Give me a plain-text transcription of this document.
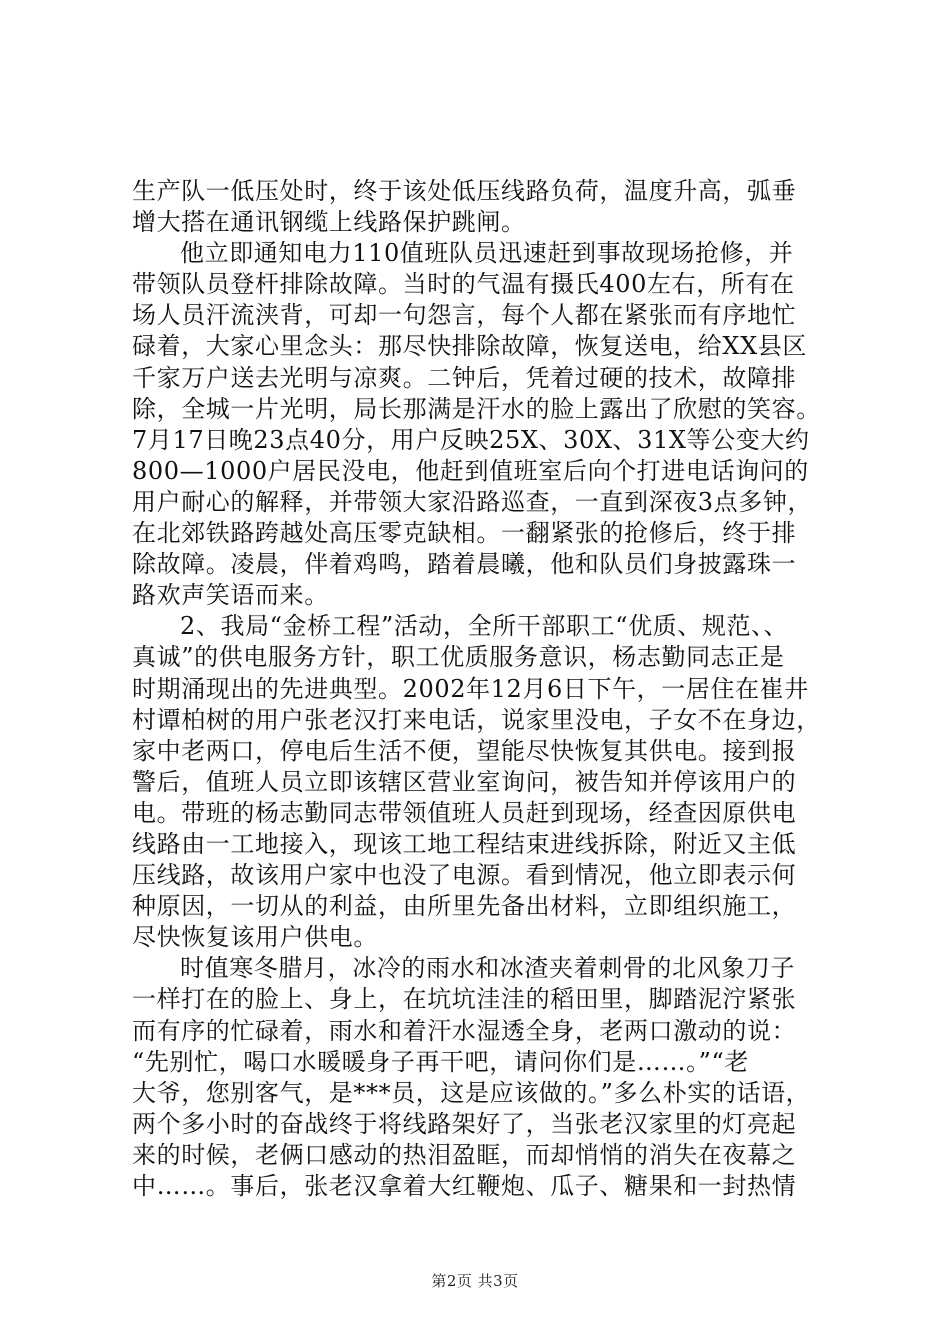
生产队一低压处时，终于该处低压线路负荷，温度升高，弧垂
增大搭在通讯钢缆上线路保护跳闸。
他立即通知电力110值班队员迅速赶到事故现场抢修，并
带领队员登杆排除故障。当时的气温有摄氏400左右，所有在
场人员汗流浃背，可却一句怨言，每个人都在紧张而有序地忙
碌着，大家心里念头：那尽快排除故障，恢复送电，给XX县区
千家万户送去光明与凉爽。二钟后，凭着过硬的技术，故障排
除，全城一片光明，局长那满是汗水的脸上露出了欣慰的笑容。
7月17日晚23点40分，用户反映25X、30X、31X等公变大约
800—1000户居民没电，他赶到值班室后向个打进电话询问的
用户耐心的解释，并带领大家沿路巡查，一直到深夜3点多钟，
在北郊铁路跨越处高压零克缺相。一翻紧张的抢修后，终于排
除故障。凌晨，伴着鸡鸣，踏着晨曦，他和队员们身披露珠一
路欢声笑语而来。
2、我局“金桥工程”活动，全所干部职工“优质、规范、、
真诚”的供电服务方针，职工优质服务意识，杨志勤同志正是
时期涌现出的先进典型。2002年12月6日下午，一居住在崔井
村谭柏树的用户张老汉打来电话，说家里没电，子女不在身边，
家中老两口，停电后生活不便，望能尽快恢复其供电。接到报
警后，值班人员立即该辖区营业室询问，被告知并停该用户的
电。带班的杨志勤同志带领值班人员赶到现场，经查因原供电
线路由一工地接入，现该工地工程结束进线拆除，附近又主低
压线路，故该用户家中也没了电源。看到情况，他立即表示何
种原因，一切从的利益，由所里先备出材料，立即组织施工，
尽快恢复该用户供电。
时值寒冬腊月，冰冷的雨水和冰渣夹着刺骨的北风象刀子
一样打在的脸上、身上，在坑坑洼洼的稻田里，脚踏泥泞紧张
而有序的忙碌着，雨水和着汗水湿透全身，老两口激动的说：
“先别忙，喝口水暖暖身子再干吧，请问你们是……。”“老
大爷，您别客气，是***员，这是应该做的。”多么朴实的话语，
两个多小时的奋战终于将线路架好了，当张老汉家里的灯亮起
来的时候，老俩口感动的热泪盈眶，而却悄悄的消失在夜幕之
中……。事后，张老汉拿着大红鞭炮、瓜子、糖果和一封热情
第2页 共3页
